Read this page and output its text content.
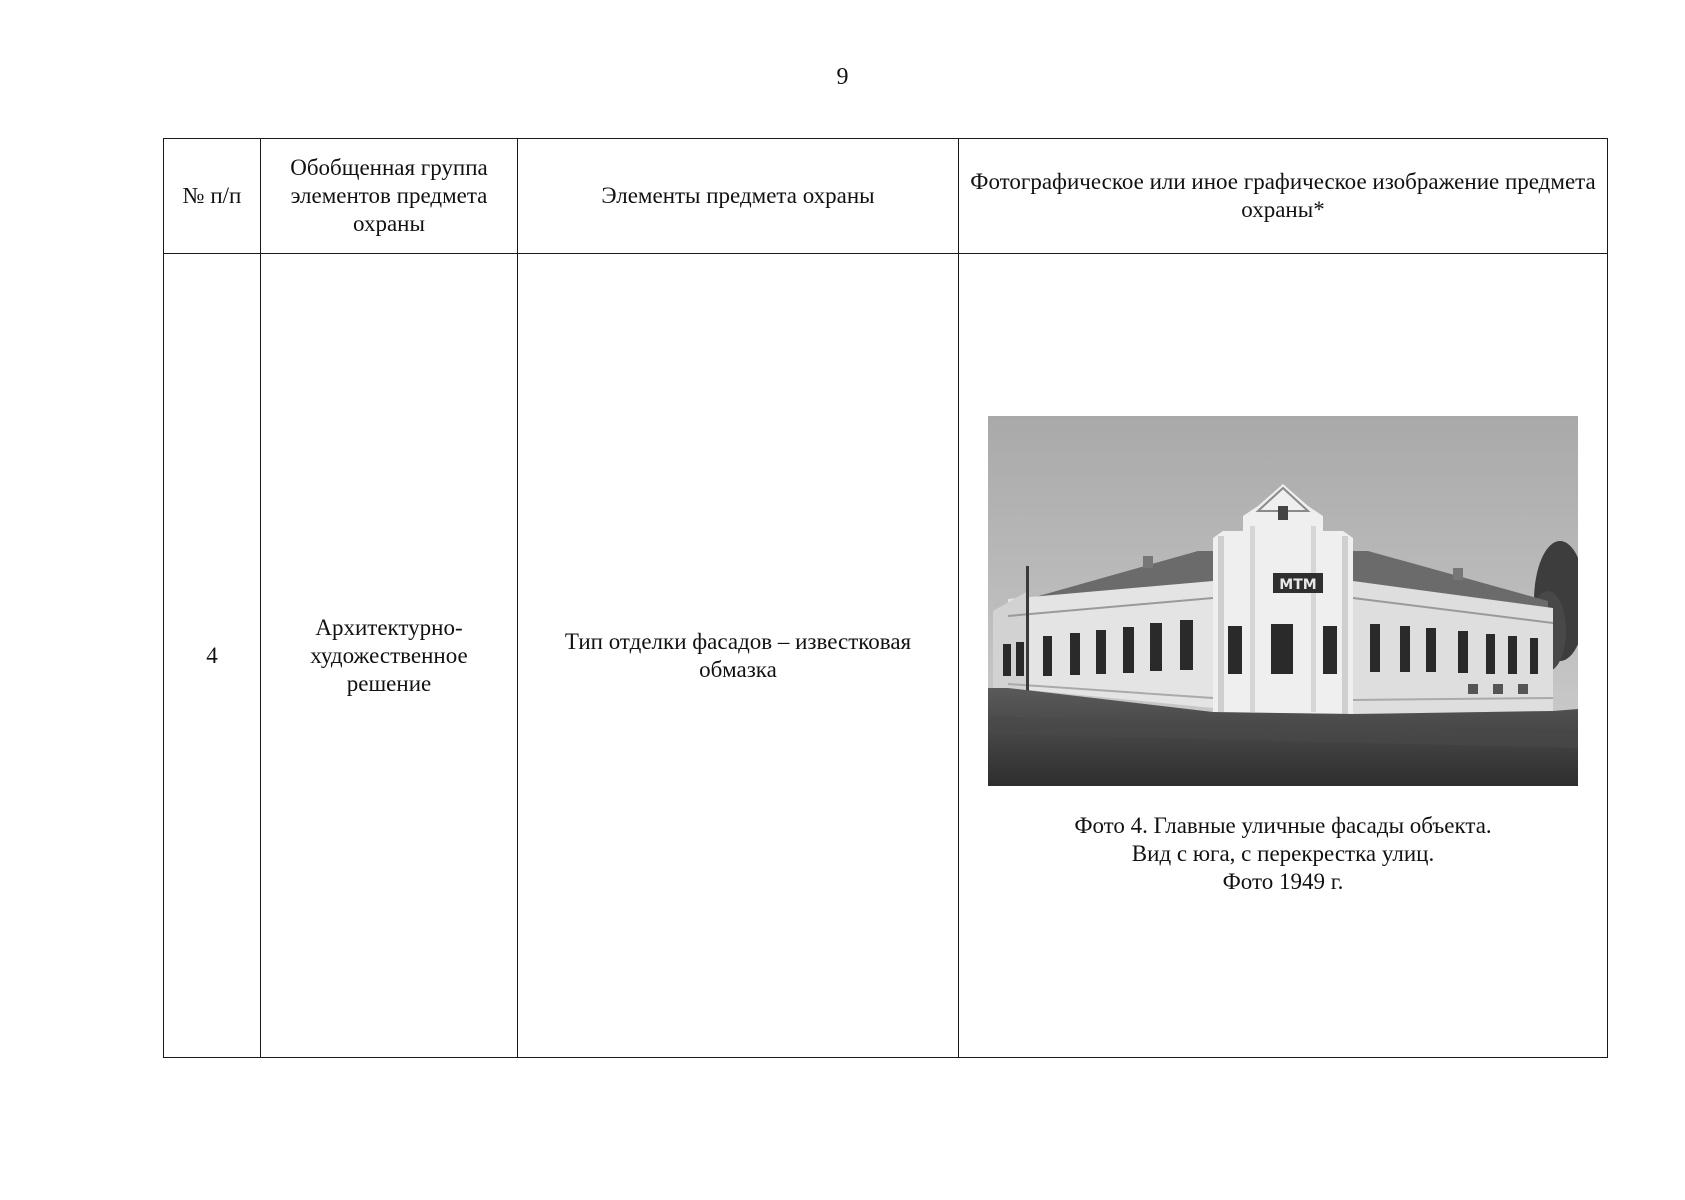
9
№ п/п	Обобщенная группа элементов предмета охраны	Элементы предмета охраны	Фотографическое или иное графическое изображение предмета охраны*
4	Архитектурно-художественное решение	Тип отделки фасадов – известковая обмазка	МТМ
Фото 4. Главные уличные фасады объекта.
Вид с юга, с перекрестка улиц.
Фото 1949 г.
